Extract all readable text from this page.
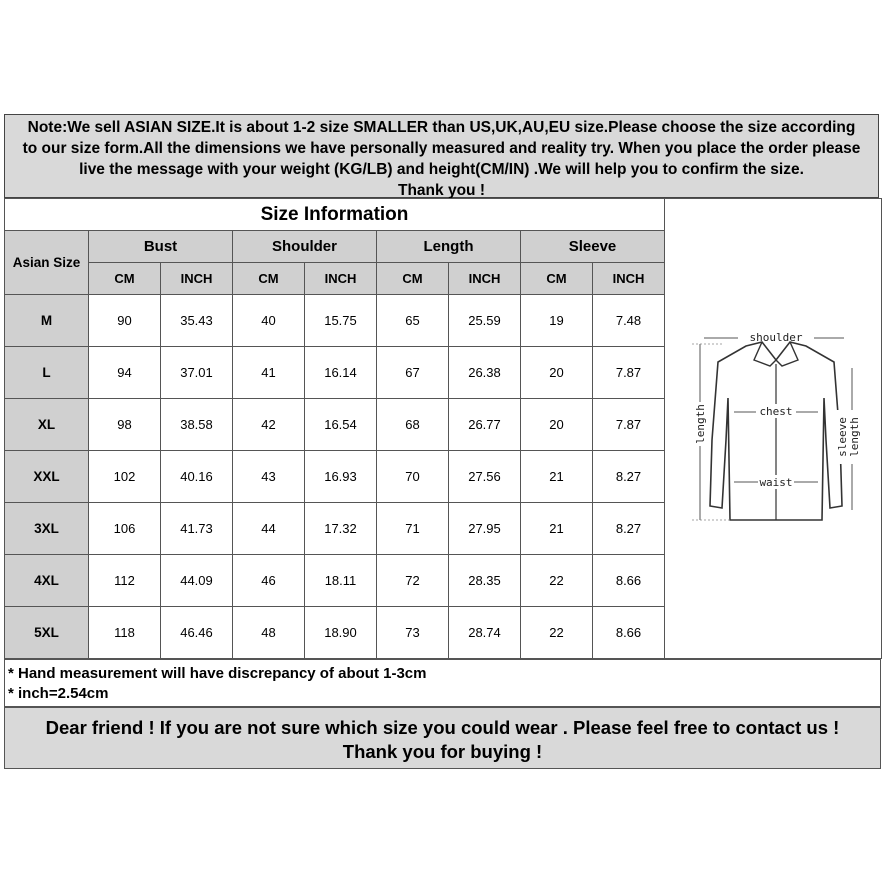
Note:We sell ASIAN SIZE.It is about 1-2 size SMALLER than US,UK,AU,EU size.Please choose the size according
to our size form.All the dimensions we have personally measured and reality try. When you place the order please
live the message with your weight (KG/LB) and height(CM/IN) .We will help you to confirm the size.
Thank you !
Size Information									
Asian Size	Bust		Shoulder		Length		Sleeve		
	CM	INCH	CM	INCH	CM	INCH	CM	INCH	
M	90	35.43	40	15.75	65	25.59	19	7.48	
L	94	37.01	41	16.14	67	26.38	20	7.87	
XL	98	38.58	42	16.54	68	26.77	20	7.87	
XXL	102	40.16	43	16.93	70	27.56	21	8.27	
3XL	106	41.73	44	17.32	71	27.95	21	8.27	
4XL	112	44.09	46	18.11	72	28.35	22	8.66	
5XL	118	46.46	48	18.90	73	28.74	22	8.66	
shoulder
chest
waist
length	sleeve length
* Hand measurement will have discrepancy of about 1-3cm
* inch=2.54cm
Dear friend ! If you are not sure which size you could wear . Please feel free to contact us !
Thank you for buying !
